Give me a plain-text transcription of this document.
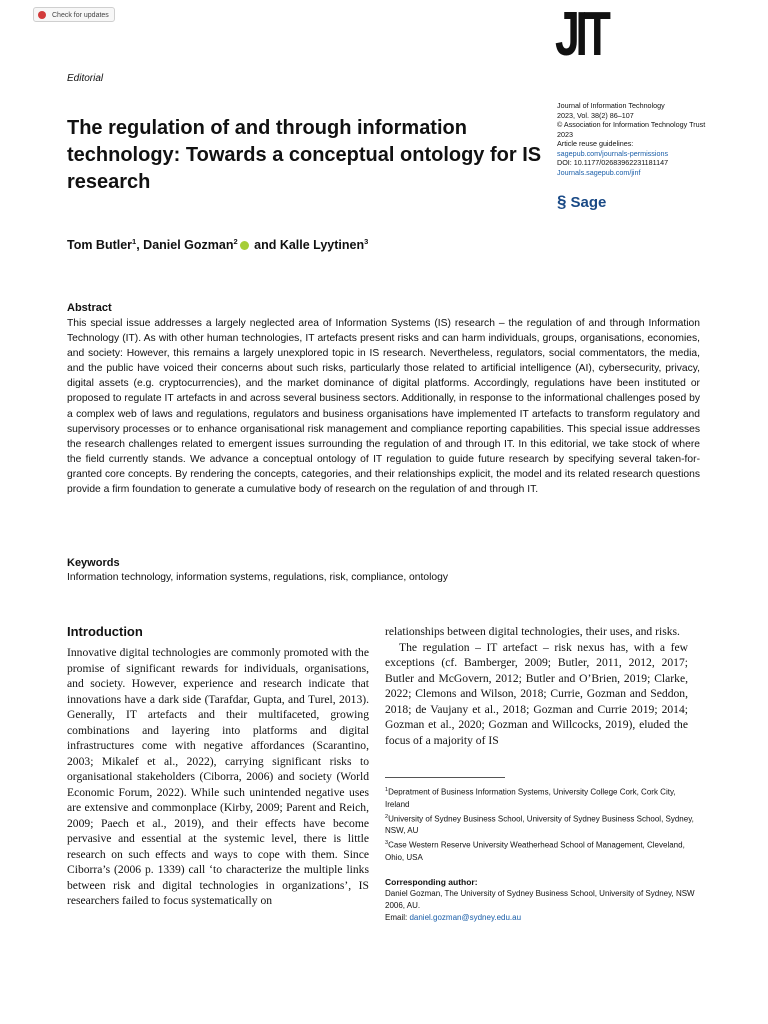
Check for updates
Editorial
JIT
The regulation of and through information technology: Towards a conceptual ontology for IS research
Journal of Information Technology
2023, Vol. 38(2) 86–107
© Association for Information Technology Trust 2023
Article reuse guidelines:
sagepub.com/journals-permissions
DOI: 10.1177/02683962231181147
Journals.sagepub.com/jinf
§ Sage
Tom Butler$^1$, Daniel Gozman$^2$ and Kalle Lyytinen$^3$
Abstract
This special issue addresses a largely neglected area of Information Systems (IS) research – the regulation of and through Information Technology (IT). As with other human technologies, IT artefacts present risks and can harm individuals, groups, organisations, economies, and society: However, this remains a largely unexplored topic in IS research. Nevertheless, regulators, social commentators, the media, and the public have voiced their concerns about such risks, particularly those related to artificial intelligence (AI), cybersecurity, privacy, digital assets (e.g. cryptocurrencies), and the market dominance of digital platforms. Accordingly, regulations have been instituted or proposed to regulate IT artefacts in and across several business sectors. Additionally, in response to the informational challenges posed by a complex web of laws and regulations, regulators and business organisations have implemented IT artefacts to transform regulatory and supervisory processes or to enhance organisational risk management and compliance reporting capabilities. This special issue addresses the research challenges related to emergent issues surrounding the regulation of and through IT. In this editorial, we take stock of where the field currently stands. We advance a conceptual ontology of IT regulation to guide future research by specifying several taken-for-granted core concepts. By rendering the concepts, categories, and their relationships explicit, the model and its related research questions provide a firm foundation to generate a cumulative body of research on the regulation of and through IT.
Keywords
Information technology, information systems, regulations, risk, compliance, ontology
Introduction
Innovative digital technologies are commonly promoted with the promise of significant rewards for individuals, organisations, and society. However, experience and research indicate that innovations have a dark side (Tarafdar, Gupta, and Turel, 2013). Generally, IT artefacts and their multifaceted, growing combinations and layering into platforms and digital infrastructures come with negative affordances (Scarantino, 2003; Mikalef et al., 2022), carrying significant risks to organisational stakeholders (Ciborra, 2006) and society (World Economic Forum, 2022). While such unintended negative uses are extensive and commonplace (Kirby, 2009; Parent and Reich, 2009; Paech et al., 2019), and their effects have become pervasive and essential at the systemic level, there is little research on such effects and ways to cope with them. Since Ciborra’s (2006 p. 1339) call ‘to characterize the multiple links between risk and digital technologies in organizations’, IS researchers failed to focus systematically on

relationships between digital technologies, their uses, and risks.

The regulation – IT artefact – risk nexus has, with a few exceptions (cf. Bamberger, 2009; Butler, 2011, 2012, 2017; Butler and McGovern, 2012; Butler and O’Brien, 2019; Clarke, 2022; Clemons and Wilson, 2018; Currie, Gozman and Seddon, 2018; de Vaujany et al., 2018; Gozman and Currie 2019; 2014; Gozman et al., 2020; Gozman and Willcocks, 2019), eluded the focus of a majority of IS

$^1$Depratment of Business Information Systems, University College Cork, Cork City, Ireland
$^2$University of Sydney Business School, University of Sydney Business School, Sydney, NSW, AU
$^3$Case Western Reserve University Weatherhead School of Management, Cleveland, Ohio, USA
Corresponding author:
Daniel Gozman, The University of Sydney Business School, University of Sydney, NSW 2006, AU.
Email: daniel.gozman@sydney.edu.au
